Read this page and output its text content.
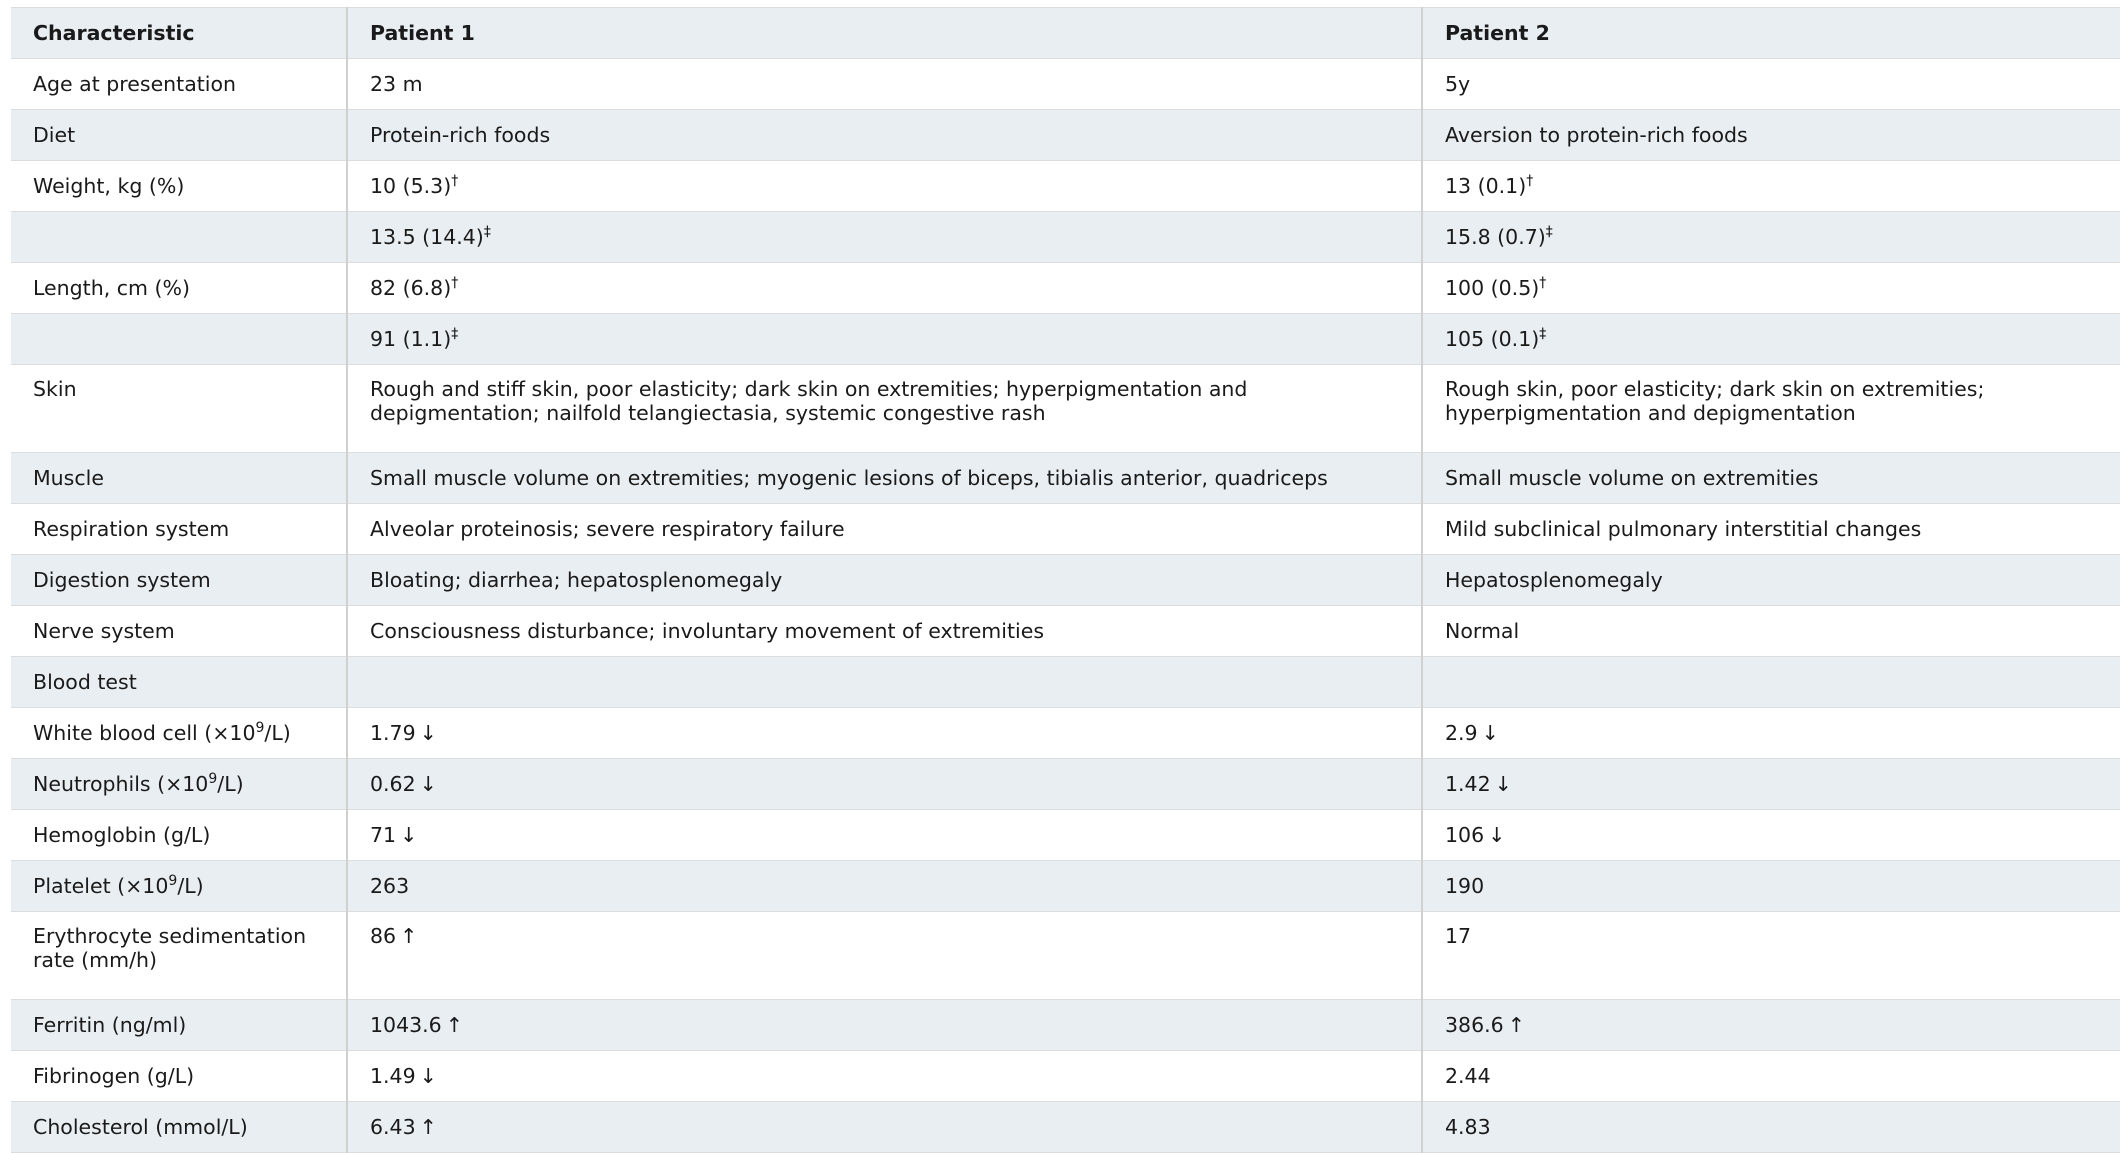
Characteristic	Patient 1	Patient 2
Age at presentation	23 m	5y
Diet	Protein-rich foods	Aversion to protein-rich foods
Weight, kg (%)	10 (5.3)†	13 (0.1)†
	13.5 (14.4)‡	15.8 (0.7)‡
Length, cm (%)	82 (6.8)†	100 (0.5)†
	91 (1.1)‡	105 (0.1)‡
Skin	Rough and stiff skin, poor elasticity; dark skin on extremities; hyperpigmentation and depigmentation; nailfold telangiectasia, systemic congestive rash	Rough skin, poor elasticity; dark skin on extremities; hyperpigmentation and depigmentation
Muscle	Small muscle volume on extremities; myogenic lesions of biceps, tibialis anterior, quadriceps	Small muscle volume on extremities
Respiration system	Alveolar proteinosis; severe respiratory failure	Mild subclinical pulmonary interstitial changes
Digestion system	Bloating; diarrhea; hepatosplenomegaly	Hepatosplenomegaly
Nerve system	Consciousness disturbance; involuntary movement of extremities	Normal
Blood test		
White blood cell $(\times 10^9/L)$	1.79 ↓	2.9 ↓
Neutrophils $(\times 10^9/L)$	0.62 ↓	1.42 ↓
Hemoglobin (g/L)	71 ↓	106 ↓
Platelet $(\times 10^9/L)$	263	190
Erythrocyte sedimentation rate (mm/h)	86 ↑	17
Ferritin (ng/ml)	1043.6 ↑	386.6 ↑
Fibrinogen (g/L)	1.49 ↓	2.44
Cholesterol (mmol/L)	6.43 ↑	4.83
